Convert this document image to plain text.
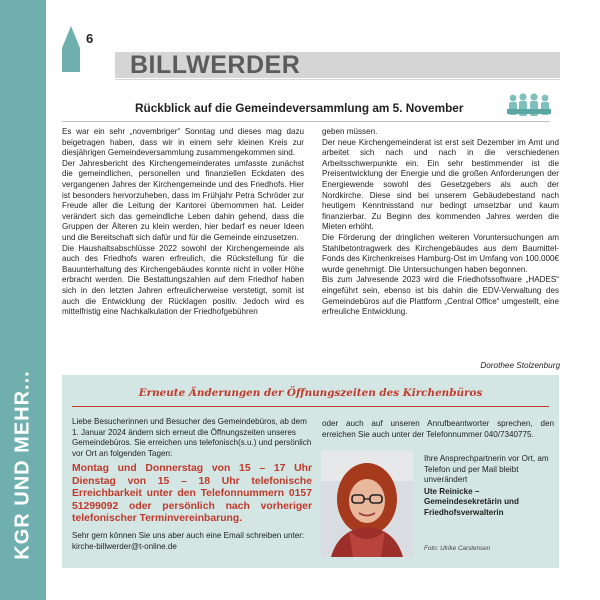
KGR UND MEHR...
6
BILLWERDER
Rückblick auf die Gemeindeversammlung am 5. November

Es war ein sehr „novembriger“ Sonntag und dieses mag dazu beigetragen haben, dass wir in einem sehr kleinen Kreis zur diesjährigen Gemeindeversammlung zusammengekommen sind.

Der Jahresbericht des Kirchengemeinderates umfasste zunächst die gemeindlichen, personellen und finanziellen Eckdaten des vergangenen Jahres der Kirchengemeinde und des Friedhofs. Hier ist besonders hervorzuheben, dass im Frühjahr Petra Schröder zur Freude aller die Leitung der Kantorei übernommen hat. Leider verändert sich das gemeindliche Leben dahin gehend, dass die Gruppen der Älteren zu klein werden, hier bedarf es neuer Ideen und die Bereitschaft sich dafür und für die Gemeinde einzusetzen.

Die Haushaltsabschlüsse 2022 sowohl der Kirchengemeinde als auch des Friedhofs waren erfreulich, die Rückstellung für die Bauunterhaltung des Kirchengebäudes konnte nicht in voller Höhe erbracht werden. Die Bestattungszahlen auf dem Friedhof haben sich in den letzten Jahren erfreulicherweise verstetigt, somit ist auch die Entwicklung der Rücklagen positiv. Jedoch wird es mittelfristig eine Nachkalkulation der Friedhofgebühren

geben müssen.

Der neue Kirchengemeinderat ist erst seit Dezember im Amt und arbeitet sich nach und nach in die verschiedenen Arbeitsschwerpunkte ein. Ein sehr bestimmender ist die Preisentwicklung der Energie und die großen Anforderungen der Energiewende sowohl des Gesetzgebers als auch der Nordkirche. Diese sind bei unserem Gebäudebestand nach heutigem Kenntnisstand nur bedingt umsetzbar und kaum finanzierbar. Zu Beginn des kommenden Jahres werden die Mieten erhöht.

Die Förderung der dringlichen weiteren Voruntersuchungen am Stahlbetontragwerk des Kirchengebäudes aus dem Baumittel-Fonds des Kirchenkreises Hamburg-Ost im Umfang von 100.000€ wurde genehmigt. Die Untersuchungen haben begonnen.

Bis zum Jahresende 2023 wird die Friedhofssoftware „HADES“ eingeführt sein, ebenso ist bis dahin die EDV-Verwaltung des Gemeindebüros auf die Plattform „Central Office“ umgestellt, eine erfreuliche Entwicklung.

Dorothee Stolzenburg
Erneute Änderungen der Öffnungszeiten des Kirchenbüros

Liebe Besucherinnen und Besucher des Gemeindebüros, ab dem 1. Januar 2024 ändern sich erneut die Öffnungszeiten unseres Gemeindebüros. Sie erreichen uns telefonisch(s.u.) und persönlich vor Ort an folgenden Tagen:

Montag und Donnerstag von 15 – 17 Uhr Dienstag von 15 – 18 Uhr telefonische Erreichbarkeit unter den Telefonnummern 0157 51299092 oder persönlich nach vorheriger telefonischer Terminvereinbarung.

Sehr gern können Sie uns aber auch eine Email schreiben unter: kirche-billwerder@t-online.de

oder auch auf unseren Anrufbeantworter sprechen, den erreichen Sie auch unter der Telefonnummer 040/7340775.
Ihre Ansprechpartnerin vor Ort, am Telefon und per Mail bleibt unverändert
Ute Reinicke – Gemeindesekretärin und Friedhofsverwalterin
Foto: Ulrike Carstensen
